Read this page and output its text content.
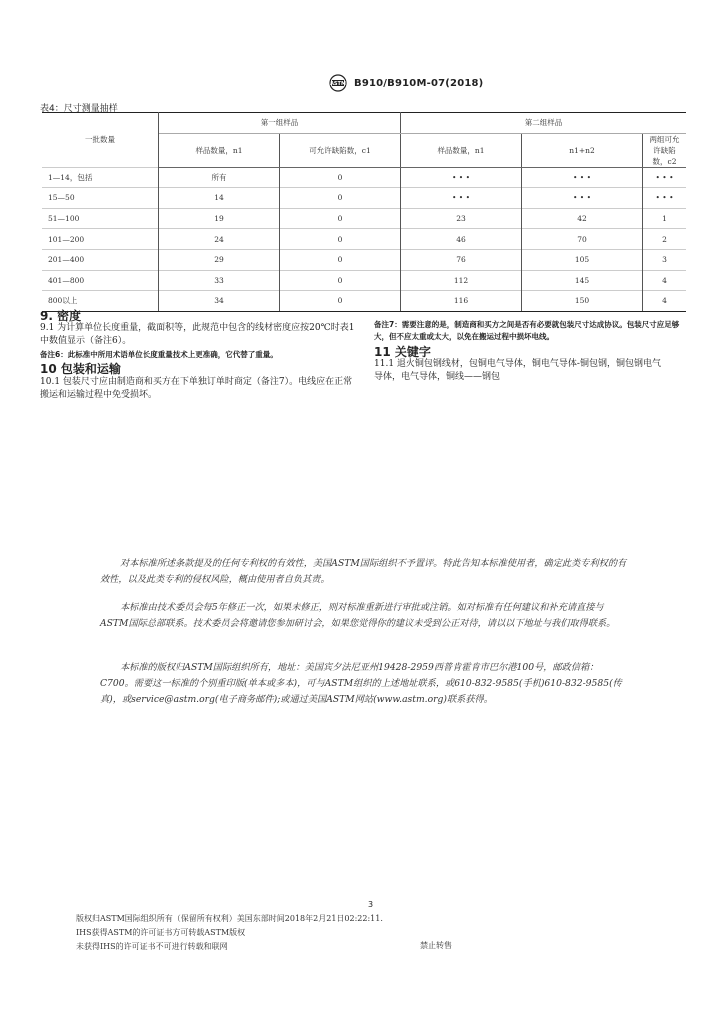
ASTM B910/B910M-07(2018)
表4：尺寸测量抽样
一批数量	第一组样品		第二组样品		
	样品数量，n1	可允许缺陷数，c1	样品数量，n1	n1+n2	两组可允许缺陷数，c2
1—14，包括	所有	0	• • •	• • •	• • •
15—50	14	0	• • •	• • •	• • •
51—100	19	0	23	42	1
101—200	24	0	46	70	2
201—400	29	0	76	105	3
401—800	33	0	112	145	4
800以上	34	0	116	150	4
9. 密度
9.1 为计算单位长度重量，截面积等，此规范中包含的线材密度应按20℃时表1中数值显示（备注6）。
备注6：此标准中所用术语单位长度重量技术上更准确，它代替了重量。
10 包装和运输
10.1 包装尺寸应由制造商和买方在下单独订单时商定（备注7）。电线应在正常搬运和运输过程中免受损坏。
备注7：需要注意的是，制造商和买方之间是否有必要就包装尺寸达成协议。包装尺寸应足够大，但不应太重或太大，以免在搬运过程中损坏电线。
11 关键字
11.1 退火铜包钢线材，包铜电气导体，铜电气导体-铜包钢，铜包钢电气导体，电气导体，铜线——钢包
对本标准所述条款提及的任何专利权的有效性，美国ASTM国际组织不予置评。特此告知本标准使用者，确定此类专利权的有效性，以及此类专利的侵权风险，概由使用者自负其责。
本标准由技术委员会每5年修正一次，如果未修正，则对标准重新进行审批或注销。如对标准有任何建议和补充请直接与ASTM国际总部联系。技术委员会将邀请您参加研讨会，如果您觉得你的建议未受到公正对待，请以以下地址与我们取得联系。
本标准的版权归ASTM国际组织所有，地址：美国宾夕法尼亚州19428-2959西普肯霍肯市巴尔港100号，邮政信箱：C700。需要这一标准的个别重印版(单本或多本)，可与ASTM组织的上述地址联系，或610-832-9585(手机)610-832-9585(传真)，或service@astm.org(电子商务邮件);或通过美国ASTM网站(www.astm.org)联系获得。
3
版权归ASTM国际组织所有（保留所有权利）美国东部时间2018年2月21日02:22:11.
IHS获得ASTM的许可证书方可转载ASTM版权
未获得IHS的许可证书不可进行转载和联网	禁止转售
